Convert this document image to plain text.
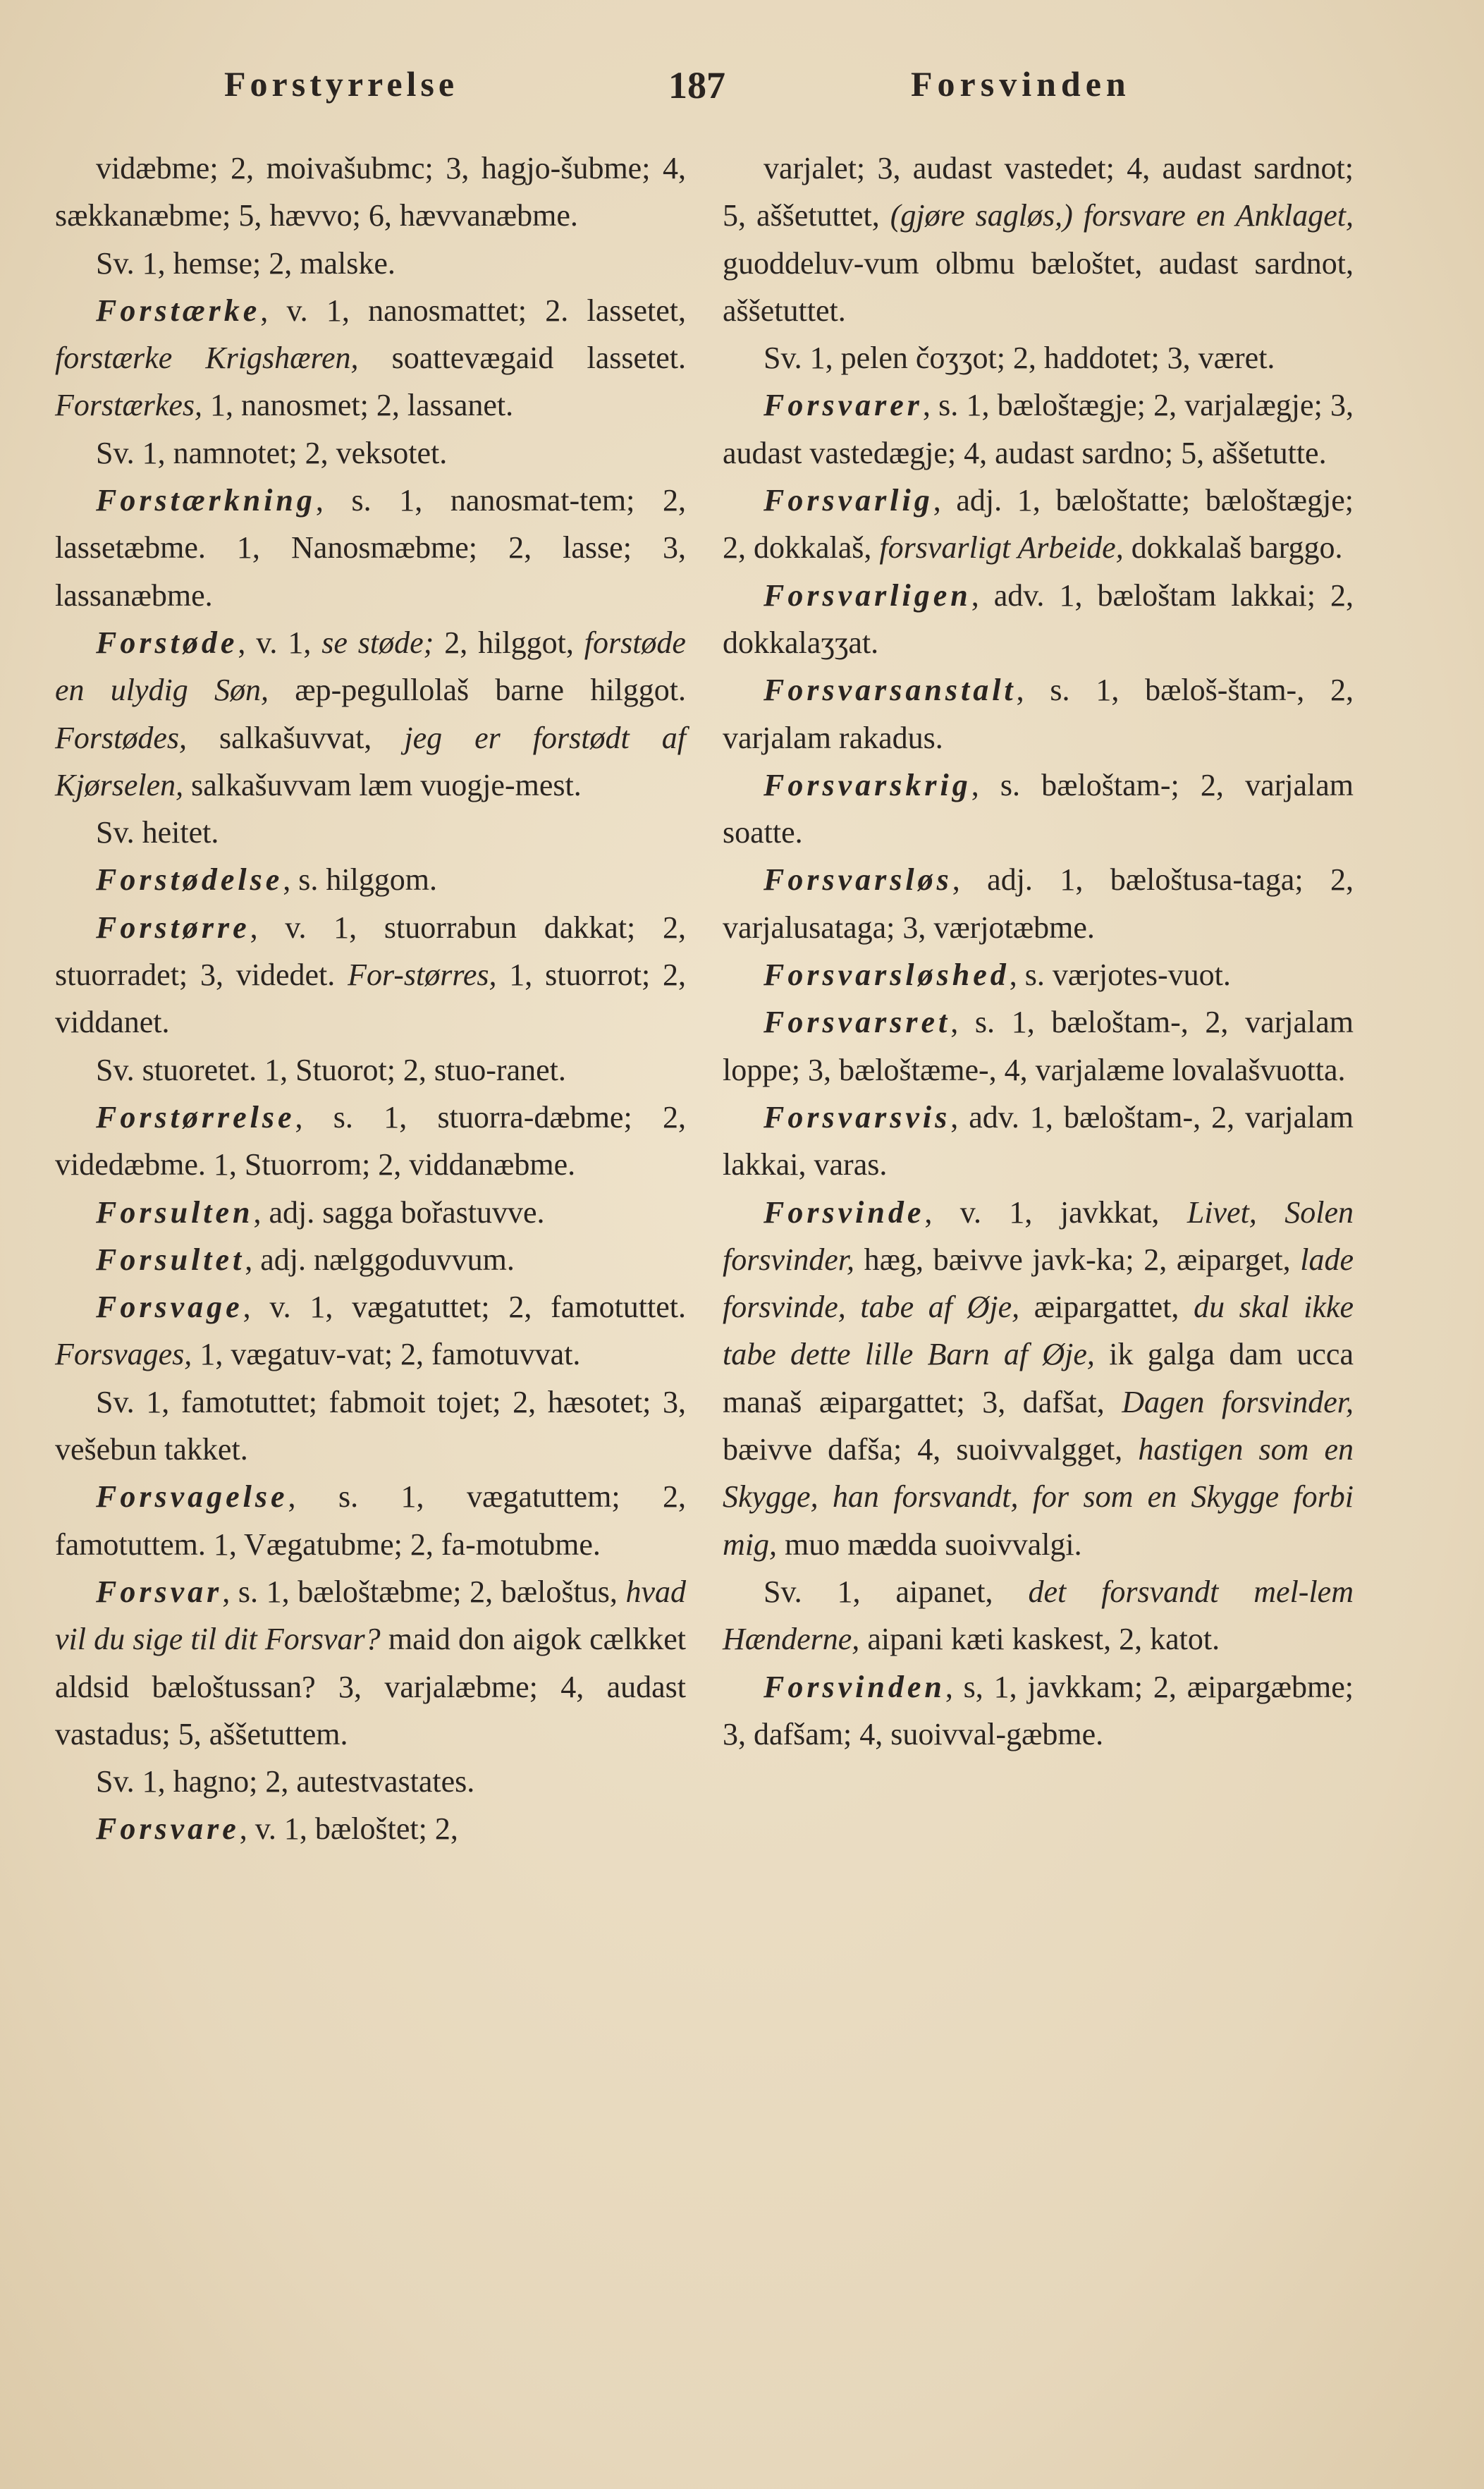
Forstyrrelse	187	Forsvinden

vidæbme; 2, moivašubmc; 3, hagjo-šubme; 4, sækkanæbme; 5, hævvo; 6, hævvanæbme.

Sv. 1, hemse; 2, malske.

Forstærke, v. 1, nanosmattet; 2. lassetet, forstærke Krigshæren, soattevægaid lassetet. Forstærkes, 1, nanosmet; 2, lassanet.

Sv. 1, namnotet; 2, veksotet.

Forstærkning, s. 1, nanosmat-tem; 2, lassetæbme. 1, Nanosmæbme; 2, lasse; 3, lassanæbme.

Forstøde, v. 1, se støde; 2, hilggot, forstøde en ulydig Søn, æp-pegullolaš barne hilggot. Forstødes, salkašuvvat, jeg er forstødt af Kjørselen, salkašuvvam læm vuogje-mest.

Sv. heitet.

Forstødelse, s. hilggom.

Forstørre, v. 1, stuorrabun dakkat; 2, stuorradet; 3, videdet. For-størres, 1, stuorrot; 2, viddanet.

Sv. stuoretet. 1, Stuorot; 2, stuo-ranet.

Forstørrelse, s. 1, stuorra-dæbme; 2, videdæbme. 1, Stuorrom; 2, viddanæbme.

Forsulten, adj. sagga bořastuvve.

Forsultet, adj. nælggoduvvum.

Forsvage, v. 1, vægatuttet; 2, famotuttet. Forsvages, 1, vægatuv-vat; 2, famotuvvat.

Sv. 1, famotuttet; fabmoit tojet; 2, hæsotet; 3, vešebun takket.

Forsvagelse, s. 1, vægatuttem; 2, famotuttem. 1, Vægatubme; 2, fa-motubme.

Forsvar, s. 1, bæloštæbme; 2, bæloštus, hvad vil du sige til dit Forsvar? maid don aigok cælkket aldsid bæloštussan? 3, varjalæbme; 4, audast vastadus; 5, aššetuttem.

Sv. 1, hagno; 2, autestvastates.

Forsvare, v. 1, bæloštet; 2,

varjalet; 3, audast vastedet; 4, audast sardnot; 5, aššetuttet, (gjøre sagløs,) forsvare en Anklaget, guoddeluv-vum olbmu bæloštet, audast sardnot, aššetuttet.

Sv. 1, pelen čoʒʒot; 2, haddotet; 3, været.

Forsvarer, s. 1, bæloštægje; 2, varjalægje; 3, audast vastedægje; 4, audast sardno; 5, aššetutte.

Forsvarlig, adj. 1, bæloštatte; bæloštægje; 2, dokkalaš, forsvarligt Arbeide, dokkalaš barggo.

Forsvarligen, adv. 1, bæloštam lakkai; 2, dokkalaʒʒat.

Forsvarsanstalt, s. 1, bæloš-štam-, 2, varjalam rakadus.

Forsvarskrig, s. bæloštam-; 2, varjalam soatte.

Forsvarsløs, adj. 1, bæloštusa-taga; 2, varjalusataga; 3, værjotæbme.

Forsvarsløshed, s. værjotes-vuot.

Forsvarsret, s. 1, bæloštam-, 2, varjalam loppe; 3, bæloštæme-, 4, varjalæme lovalašvuotta.

Forsvarsvis, adv. 1, bæloštam-, 2, varjalam lakkai, varas.

Forsvinde, v. 1, javkkat, Livet, Solen forsvinder, hæg, bæivve javk-ka; 2, æiparget, lade forsvinde, tabe af Øje, æipargattet, du skal ikke tabe dette lille Barn af Øje, ik galga dam ucca manaš æipargattet; 3, dafšat, Dagen forsvinder, bæivve dafša; 4, suoivvalgget, hastigen som en Skygge, han forsvandt, for som en Skygge forbi mig, muo mædda suoivvalgi.

Sv. 1, aipanet, det forsvandt mel-lem Hænderne, aipani kæti kaskest, 2, katot.

Forsvinden, s, 1, javkkam; 2, æipargæbme; 3, dafšam; 4, suoivval-gæbme.
